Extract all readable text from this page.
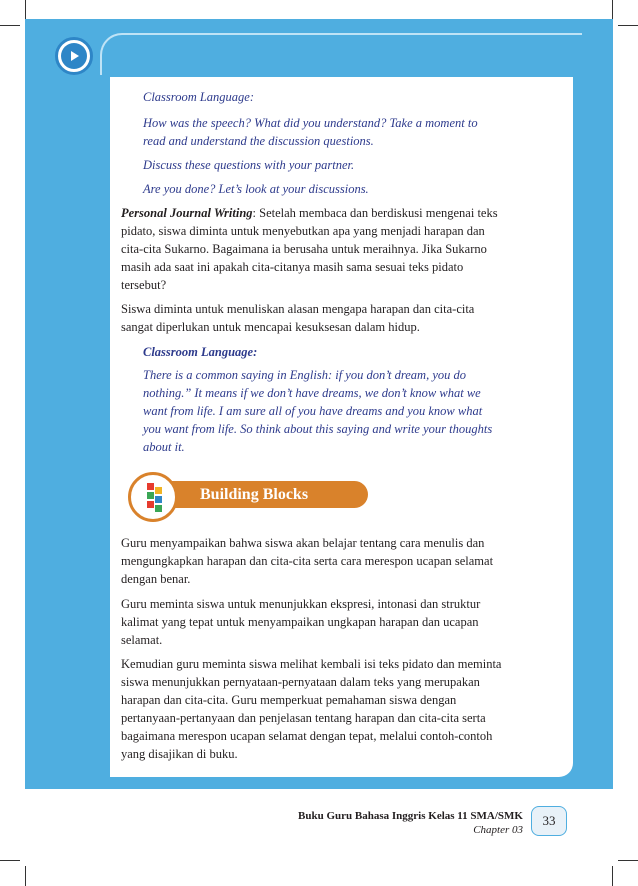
Classroom Language:
How was the speech? What did you understand? Take a moment to
read and understand the discussion questions.
Discuss these questions with your partner.
Are you done? Let’s look at your discussions.
Personal Journal Writing: Setelah membaca dan berdiskusi mengenai teks
pidato, siswa diminta untuk menyebutkan apa yang menjadi harapan dan
cita-cita Sukarno. Bagaimana ia berusaha untuk meraihnya. Jika Sukarno
masih ada saat ini apakah cita-citanya masih sama sesuai teks pidato
tersebut?
Siswa diminta untuk menuliskan alasan mengapa harapan dan cita-cita
sangat diperlukan untuk mencapai kesuksesan dalam hidup.
Classroom Language:
There is a common saying in English: if you don’t dream, you do
nothing.” It means if we don’t have dreams, we don’t know what we
want from life. I am sure all of you have dreams and you know what
you want from life. So think about this saying and write your thoughts
about it.
Building Blocks
Guru menyampaikan bahwa siswa akan belajar tentang cara menulis dan
mengungkapkan harapan dan cita-cita serta cara merespon ucapan selamat
dengan benar.
Guru meminta siswa untuk menunjukkan ekspresi, intonasi dan struktur
kalimat yang tepat untuk menyampaikan ungkapan harapan dan ucapan
selamat.
Kemudian guru meminta siswa melihat kembali isi teks pidato dan meminta
siswa menunjukkan pernyataan-pernyataan dalam teks yang merupakan
harapan dan cita-cita. Guru memperkuat pemahaman siswa dengan
pertanyaan-pertanyaan dan penjelasan tentang harapan dan cita-cita serta
bagaimana merespon ucapan selamat dengan tepat, melalui contoh-contoh
yang disajikan di buku.
Buku Guru Bahasa Inggris Kelas 11 SMA/SMK
Chapter 03
33
